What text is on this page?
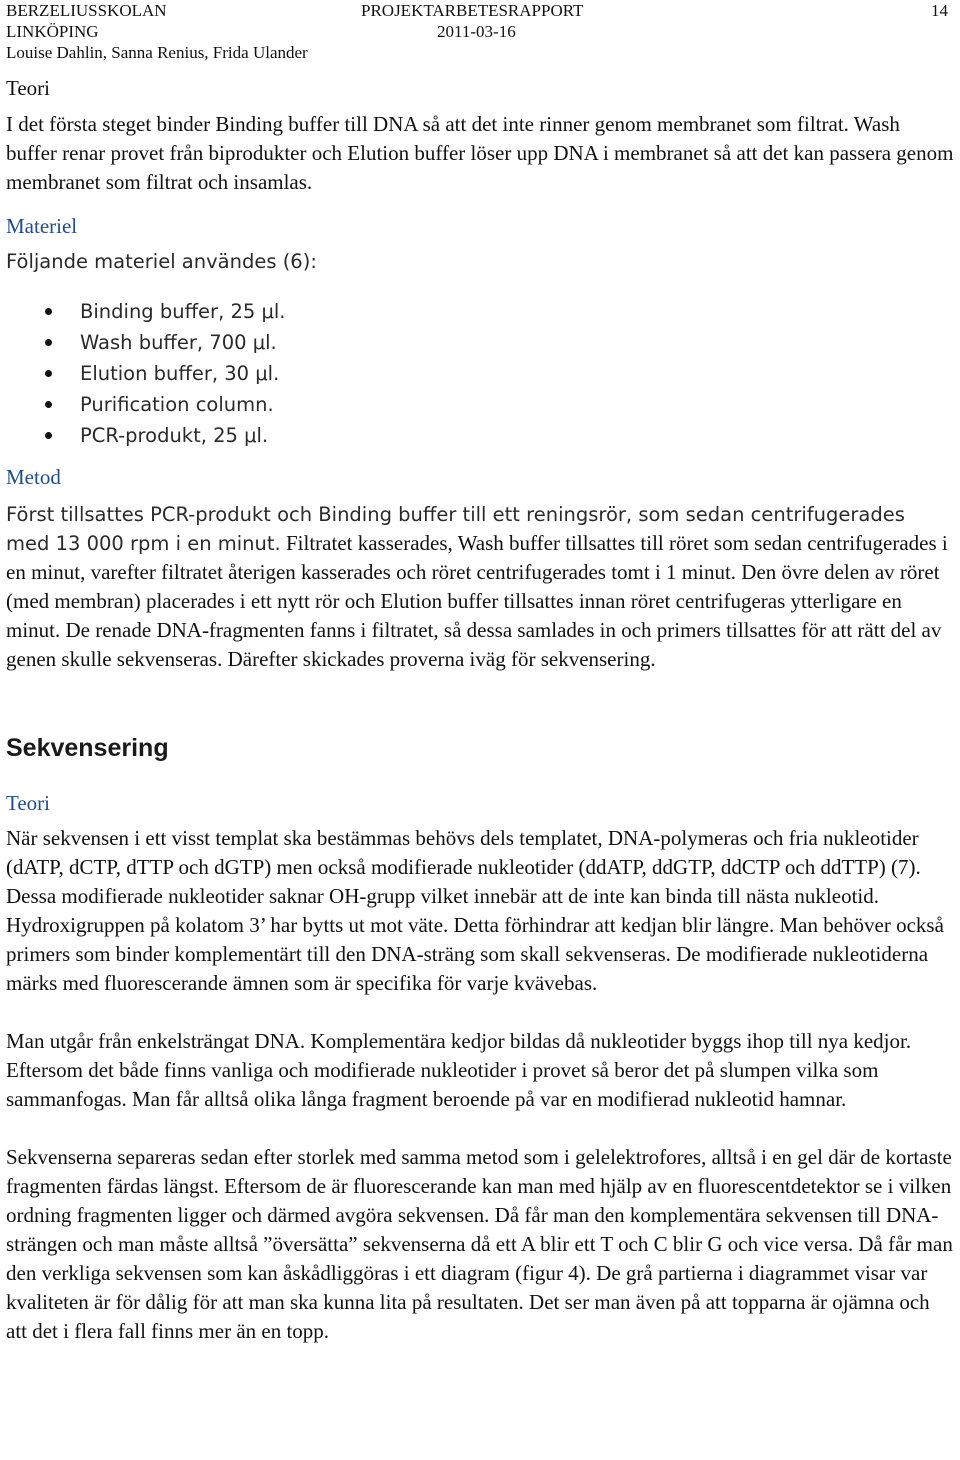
BERZELIUSSKOLAN
LINKÖPING
Louise Dahlin, Sanna Renius, Frida Ulander
PROJEKTARBETESRAPPORT
2011-03-16
14

Teori

I det första steget binder Binding buffer till DNA så att det inte rinner genom membranet som filtrat. Wash buffer renar provet från biprodukter och Elution buffer löser upp DNA i membranet så att det kan passera genom membranet som filtrat och insamlas.

Materiel

Följande materiel användes (6):

Binding buffer, 25 μl.
Wash buffer, 700 μl.
Elution buffer, 30 μl.
Purification column.
PCR-produkt, 25 μl.

Metod

Först tillsattes PCR-produkt och Binding buffer till ett reningsrör, som sedan centrifugerades med 13 000 rpm i en minut. Filtratet kasserades, Wash buffer tillsattes till röret som sedan centrifugerades i en minut, varefter filtratet återigen kasserades och röret centrifugerades tomt i 1 minut. Den övre delen av röret (med membran) placerades i ett nytt rör och Elution buffer tillsattes innan röret centrifugeras ytterligare en minut. De renade DNA-fragmenten fanns i filtratet, så dessa samlades in och primers tillsattes för att rätt del av genen skulle sekvenseras. Därefter skickades proverna iväg för sekvensering.

Sekvensering

Teori

När sekvensen i ett visst templat ska bestämmas behövs dels templatet, DNA-polymeras och fria nukleotider (dATP, dCTP, dTTP och dGTP) men också modifierade nukleotider (ddATP, ddGTP, ddCTP och ddTTP) (7). Dessa modifierade nukleotider saknar OH-grupp vilket innebär att de inte kan binda till nästa nukleotid. Hydroxigruppen på kolatom 3’ har bytts ut mot väte. Detta förhindrar att kedjan blir längre. Man behöver också primers som binder komplementärt till den DNA-sträng som skall sekvenseras. De modifierade nukleotiderna märks med fluorescerande ämnen som är specifika för varje kvävebas.

Man utgår från enkelsträngat DNA. Komplementära kedjor bildas då nukleotider byggs ihop till nya kedjor. Eftersom det både finns vanliga och modifierade nukleotider i provet så beror det på slumpen vilka som sammanfogas. Man får alltså olika långa fragment beroende på var en modifierad nukleotid hamnar.

Sekvenserna separeras sedan efter storlek med samma metod som i gelelektrofores, alltså i en gel där de kortaste fragmenten färdas längst. Eftersom de är fluorescerande kan man med hjälp av en fluorescentdetektor se i vilken ordning fragmenten ligger och därmed avgöra sekvensen. Då får man den komplementära sekvensen till DNA-strängen och man måste alltså ”översätta” sekvenserna då ett A blir ett T och C blir G och vice versa. Då får man den verkliga sekvensen som kan åskådliggöras i ett diagram (figur 4). De grå partierna i diagrammet visar var kvaliteten är för dålig för att man ska kunna lita på resultaten. Det ser man även på att topparna är ojämna och att det i flera fall finns mer än en topp.
